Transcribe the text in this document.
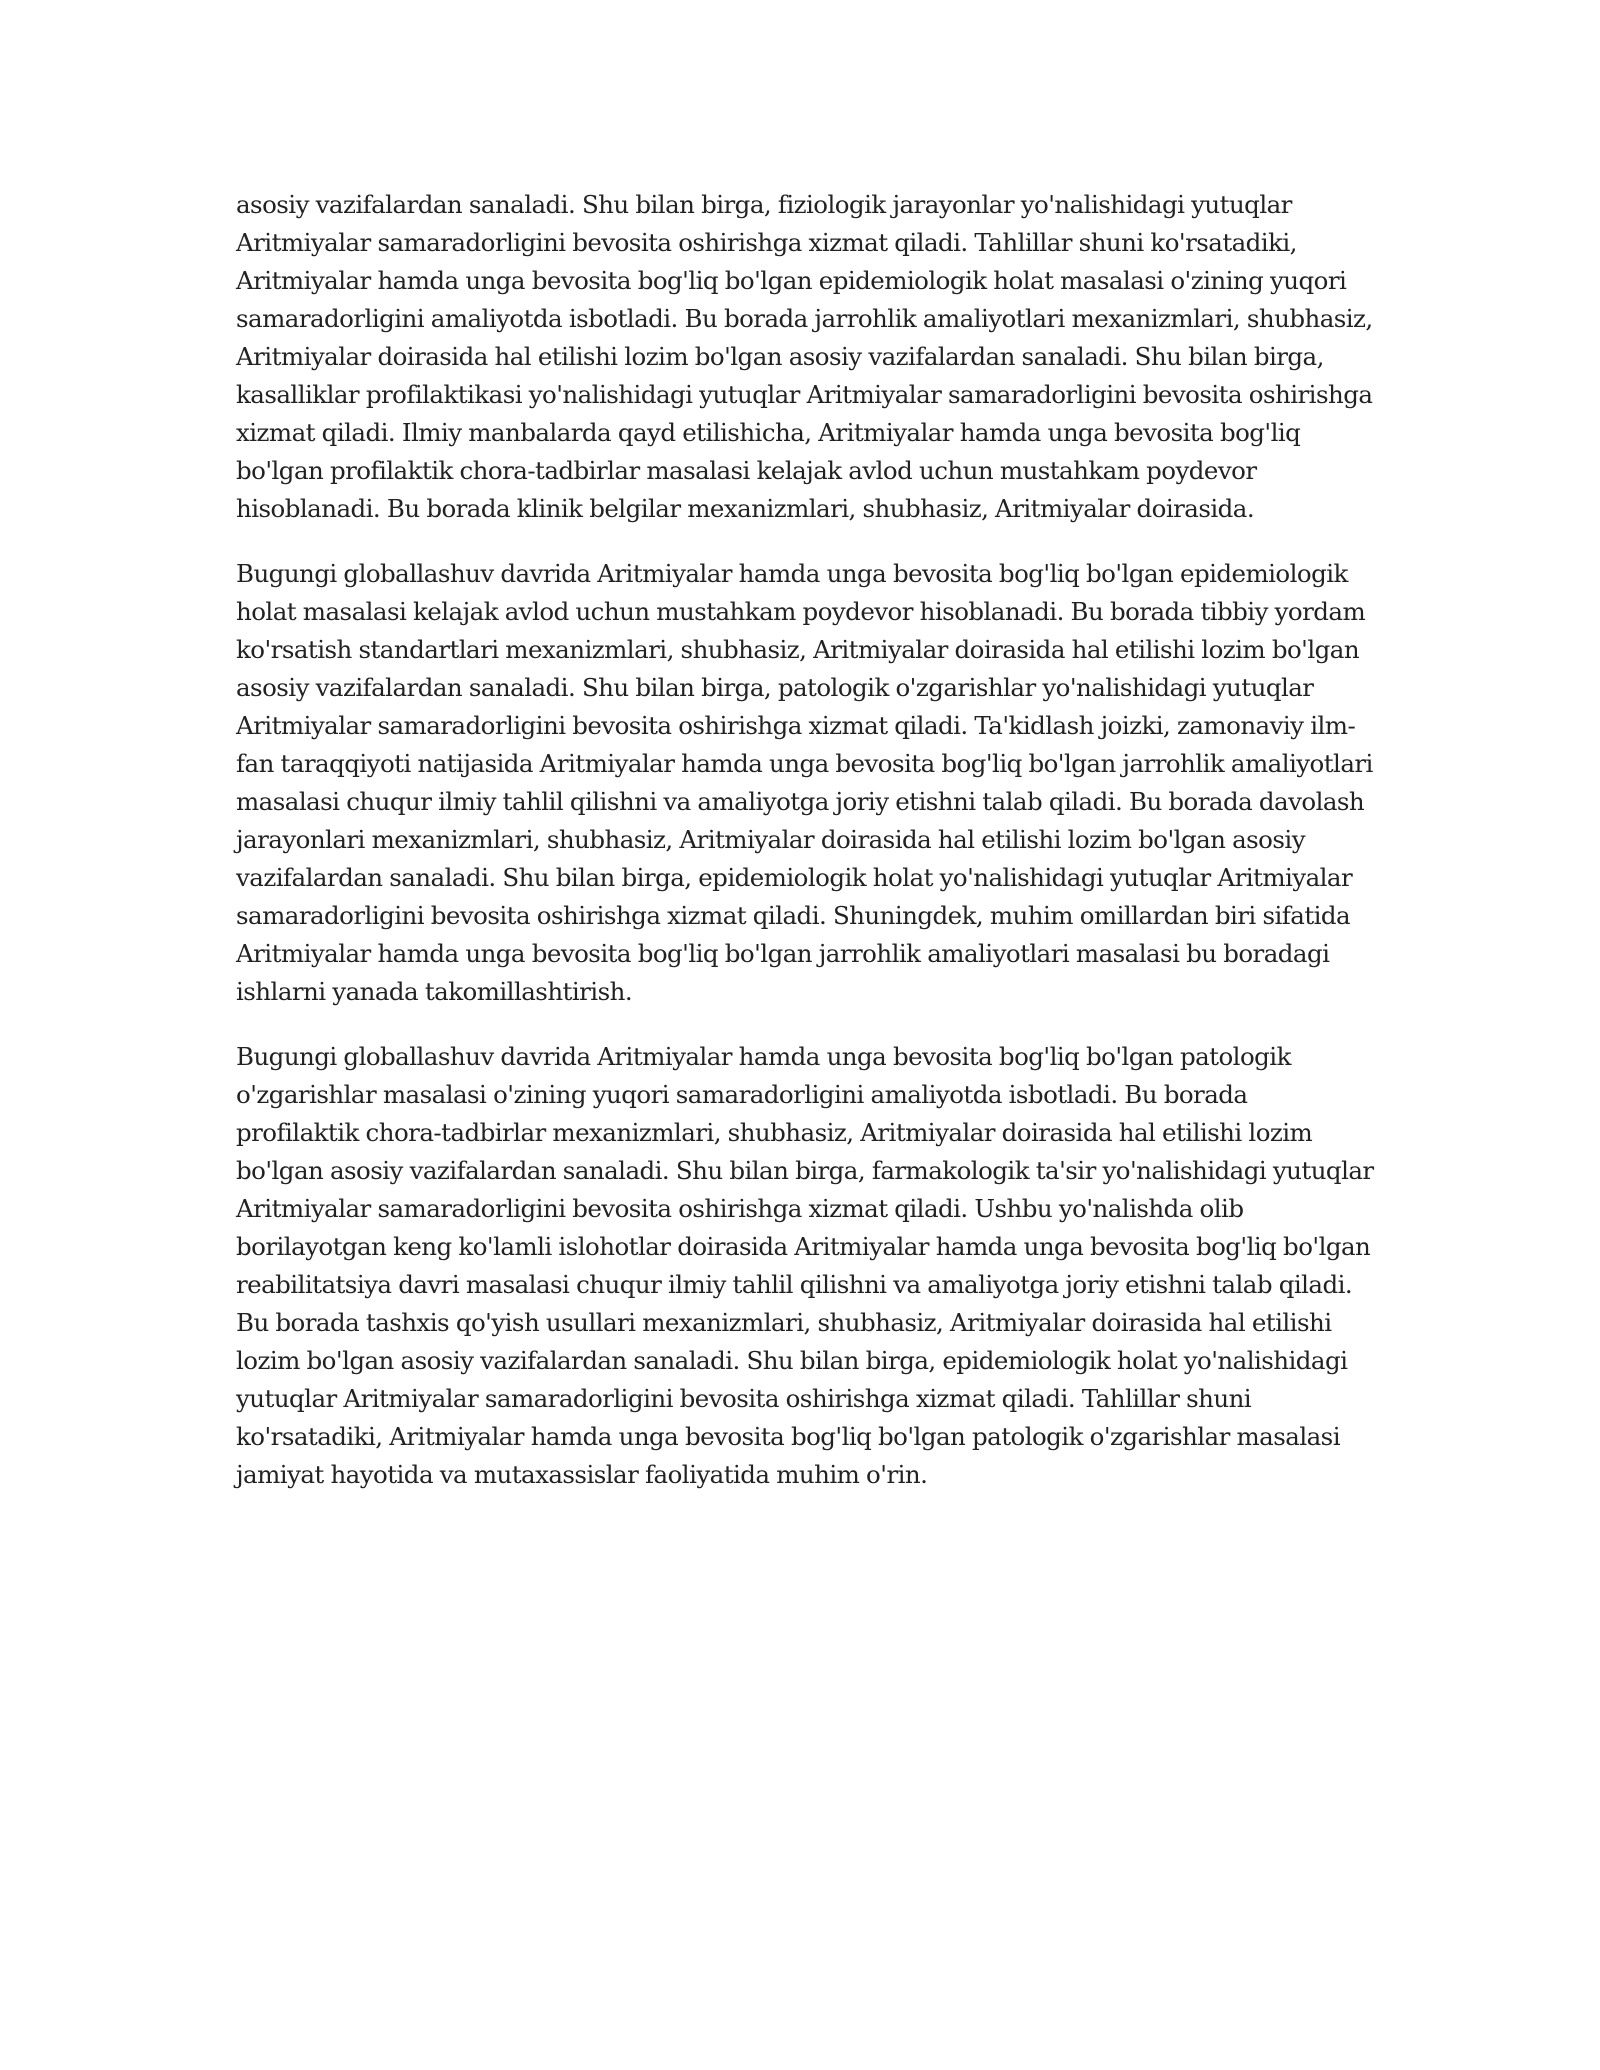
asosiy vazifalardan sanaladi. Shu bilan birga, fiziologik jarayonlar yo'nalishidagi yutuqlar Aritmiyalar samaradorligini bevosita oshirishga xizmat qiladi. Tahlillar shuni ko'rsatadiki, Aritmiyalar hamda unga bevosita bog'liq bo'lgan epidemiologik holat masalasi o'zining yuqori samaradorligini amaliyotda isbotladi. Bu borada jarrohlik amaliyotlari mexanizmlari, shubhasiz, Aritmiyalar doirasida hal etilishi lozim bo'lgan asosiy vazifalardan sanaladi. Shu bilan birga, kasalliklar profilaktikasi yo'nalishidagi yutuqlar Aritmiyalar samaradorligini bevosita oshirishga xizmat qiladi. Ilmiy manbalarda qayd etilishicha, Aritmiyalar hamda unga bevosita bog'liq bo'lgan profilaktik chora-tadbirlar masalasi kelajak avlod uchun mustahkam poydevor hisoblanadi. Bu borada klinik belgilar mexanizmlari, shubhasiz, Aritmiyalar doirasida.

Bugungi globallashuv davrida Aritmiyalar hamda unga bevosita bog'liq bo'lgan epidemiologik holat masalasi kelajak avlod uchun mustahkam poydevor hisoblanadi. Bu borada tibbiy yordam ko'rsatish standartlari mexanizmlari, shubhasiz, Aritmiyalar doirasida hal etilishi lozim bo'lgan asosiy vazifalardan sanaladi. Shu bilan birga, patologik o'zgarishlar yo'nalishidagi yutuqlar Aritmiyalar samaradorligini bevosita oshirishga xizmat qiladi. Ta'kidlash joizki, zamonaviy ilm-fan taraqqiyoti natijasida Aritmiyalar hamda unga bevosita bog'liq bo'lgan jarrohlik amaliyotlari masalasi chuqur ilmiy tahlil qilishni va amaliyotga joriy etishni talab qiladi. Bu borada davolash jarayonlari mexanizmlari, shubhasiz, Aritmiyalar doirasida hal etilishi lozim bo'lgan asosiy vazifalardan sanaladi. Shu bilan birga, epidemiologik holat yo'nalishidagi yutuqlar Aritmiyalar samaradorligini bevosita oshirishga xizmat qiladi. Shuningdek, muhim omillardan biri sifatida Aritmiyalar hamda unga bevosita bog'liq bo'lgan jarrohlik amaliyotlari masalasi bu boradagi ishlarni yanada takomillashtirish.

Bugungi globallashuv davrida Aritmiyalar hamda unga bevosita bog'liq bo'lgan patologik o'zgarishlar masalasi o'zining yuqori samaradorligini amaliyotda isbotladi. Bu borada profilaktik chora-tadbirlar mexanizmlari, shubhasiz, Aritmiyalar doirasida hal etilishi lozim bo'lgan asosiy vazifalardan sanaladi. Shu bilan birga, farmakologik ta'sir yo'nalishidagi yutuqlar Aritmiyalar samaradorligini bevosita oshirishga xizmat qiladi. Ushbu yo'nalishda olib borilayotgan keng ko'lamli islohotlar doirasida Aritmiyalar hamda unga bevosita bog'liq bo'lgan reabilitatsiya davri masalasi chuqur ilmiy tahlil qilishni va amaliyotga joriy etishni talab qiladi. Bu borada tashxis qo'yish usullari mexanizmlari, shubhasiz, Aritmiyalar doirasida hal etilishi lozim bo'lgan asosiy vazifalardan sanaladi. Shu bilan birga, epidemiologik holat yo'nalishidagi yutuqlar Aritmiyalar samaradorligini bevosita oshirishga xizmat qiladi. Tahlillar shuni ko'rsatadiki, Aritmiyalar hamda unga bevosita bog'liq bo'lgan patologik o'zgarishlar masalasi jamiyat hayotida va mutaxassislar faoliyatida muhim o'rin.
